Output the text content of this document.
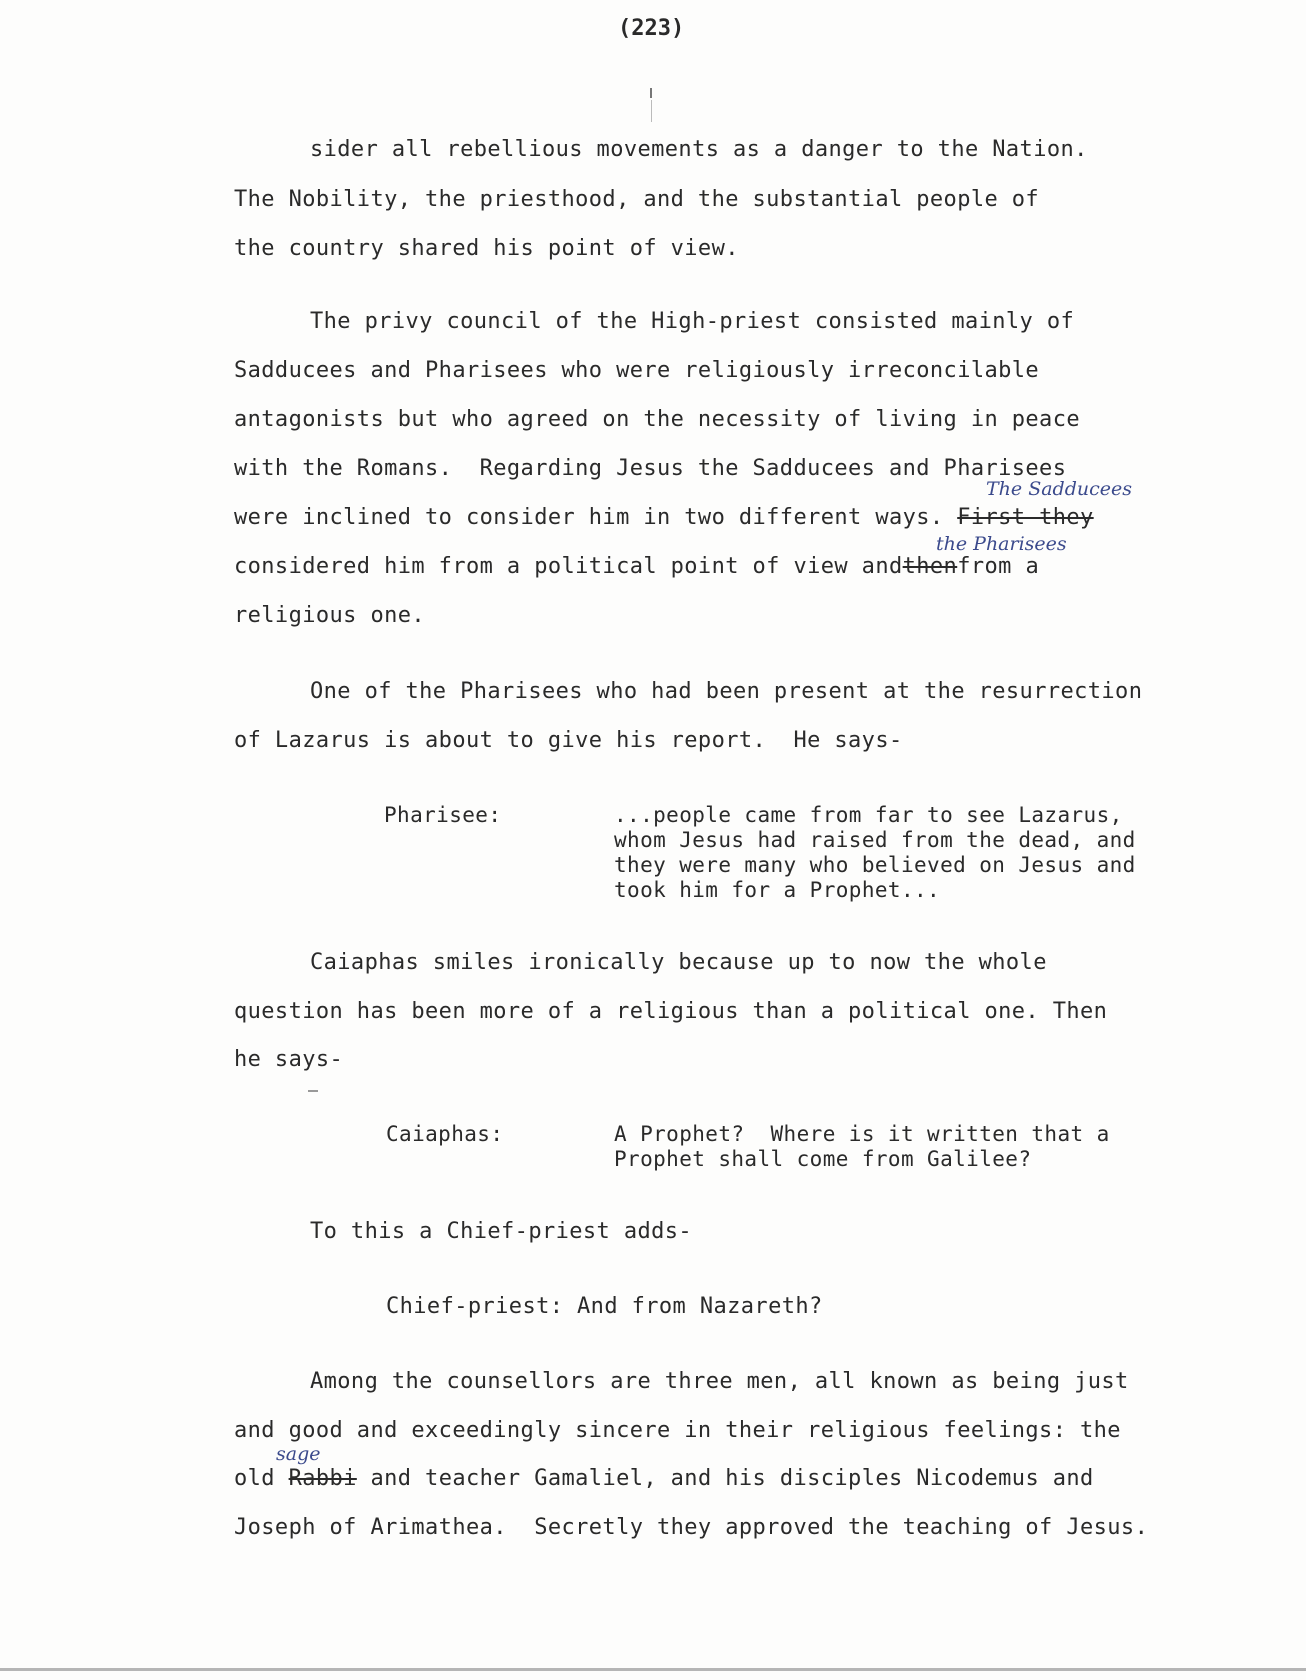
(223)
sider all rebellious movements as a danger to the Nation.
The Nobility, the priesthood, and the substantial people of
the country shared his point of view.
The privy council of the High-priest consisted mainly of
Sadducees and Pharisees who were religiously irreconcilable
antagonists but who agreed on the necessity of living in peace
with the Romans.  Regarding Jesus the Sadducees and Pharisees
The Sadducees
were inclined to consider him in two different ways. First they
the Pharisees
considered him from a political point of view andthenfrom a
religious one.
One of the Pharisees who had been present at the resurrection
of Lazarus is about to give his report.  He says-
Pharisee:	...people came from far to see Lazarus,
whom Jesus had raised from the dead, and
they were many who believed on Jesus and
took him for a Prophet...
Caiaphas smiles ironically because up to now the whole
question has been more of a religious than a political one. Then
he says-
Caiaphas:	A Prophet?  Where is it written that a
Prophet shall come from Galilee?
To this a Chief-priest adds-
Chief-priest: And from Nazareth?
Among the counsellors are three men, all known as being just
and good and exceedingly sincere in their religious feelings: the
sage
old Rabbi and teacher Gamaliel, and his disciples Nicodemus and
Joseph of Arimathea.  Secretly they approved the teaching of Jesus.
